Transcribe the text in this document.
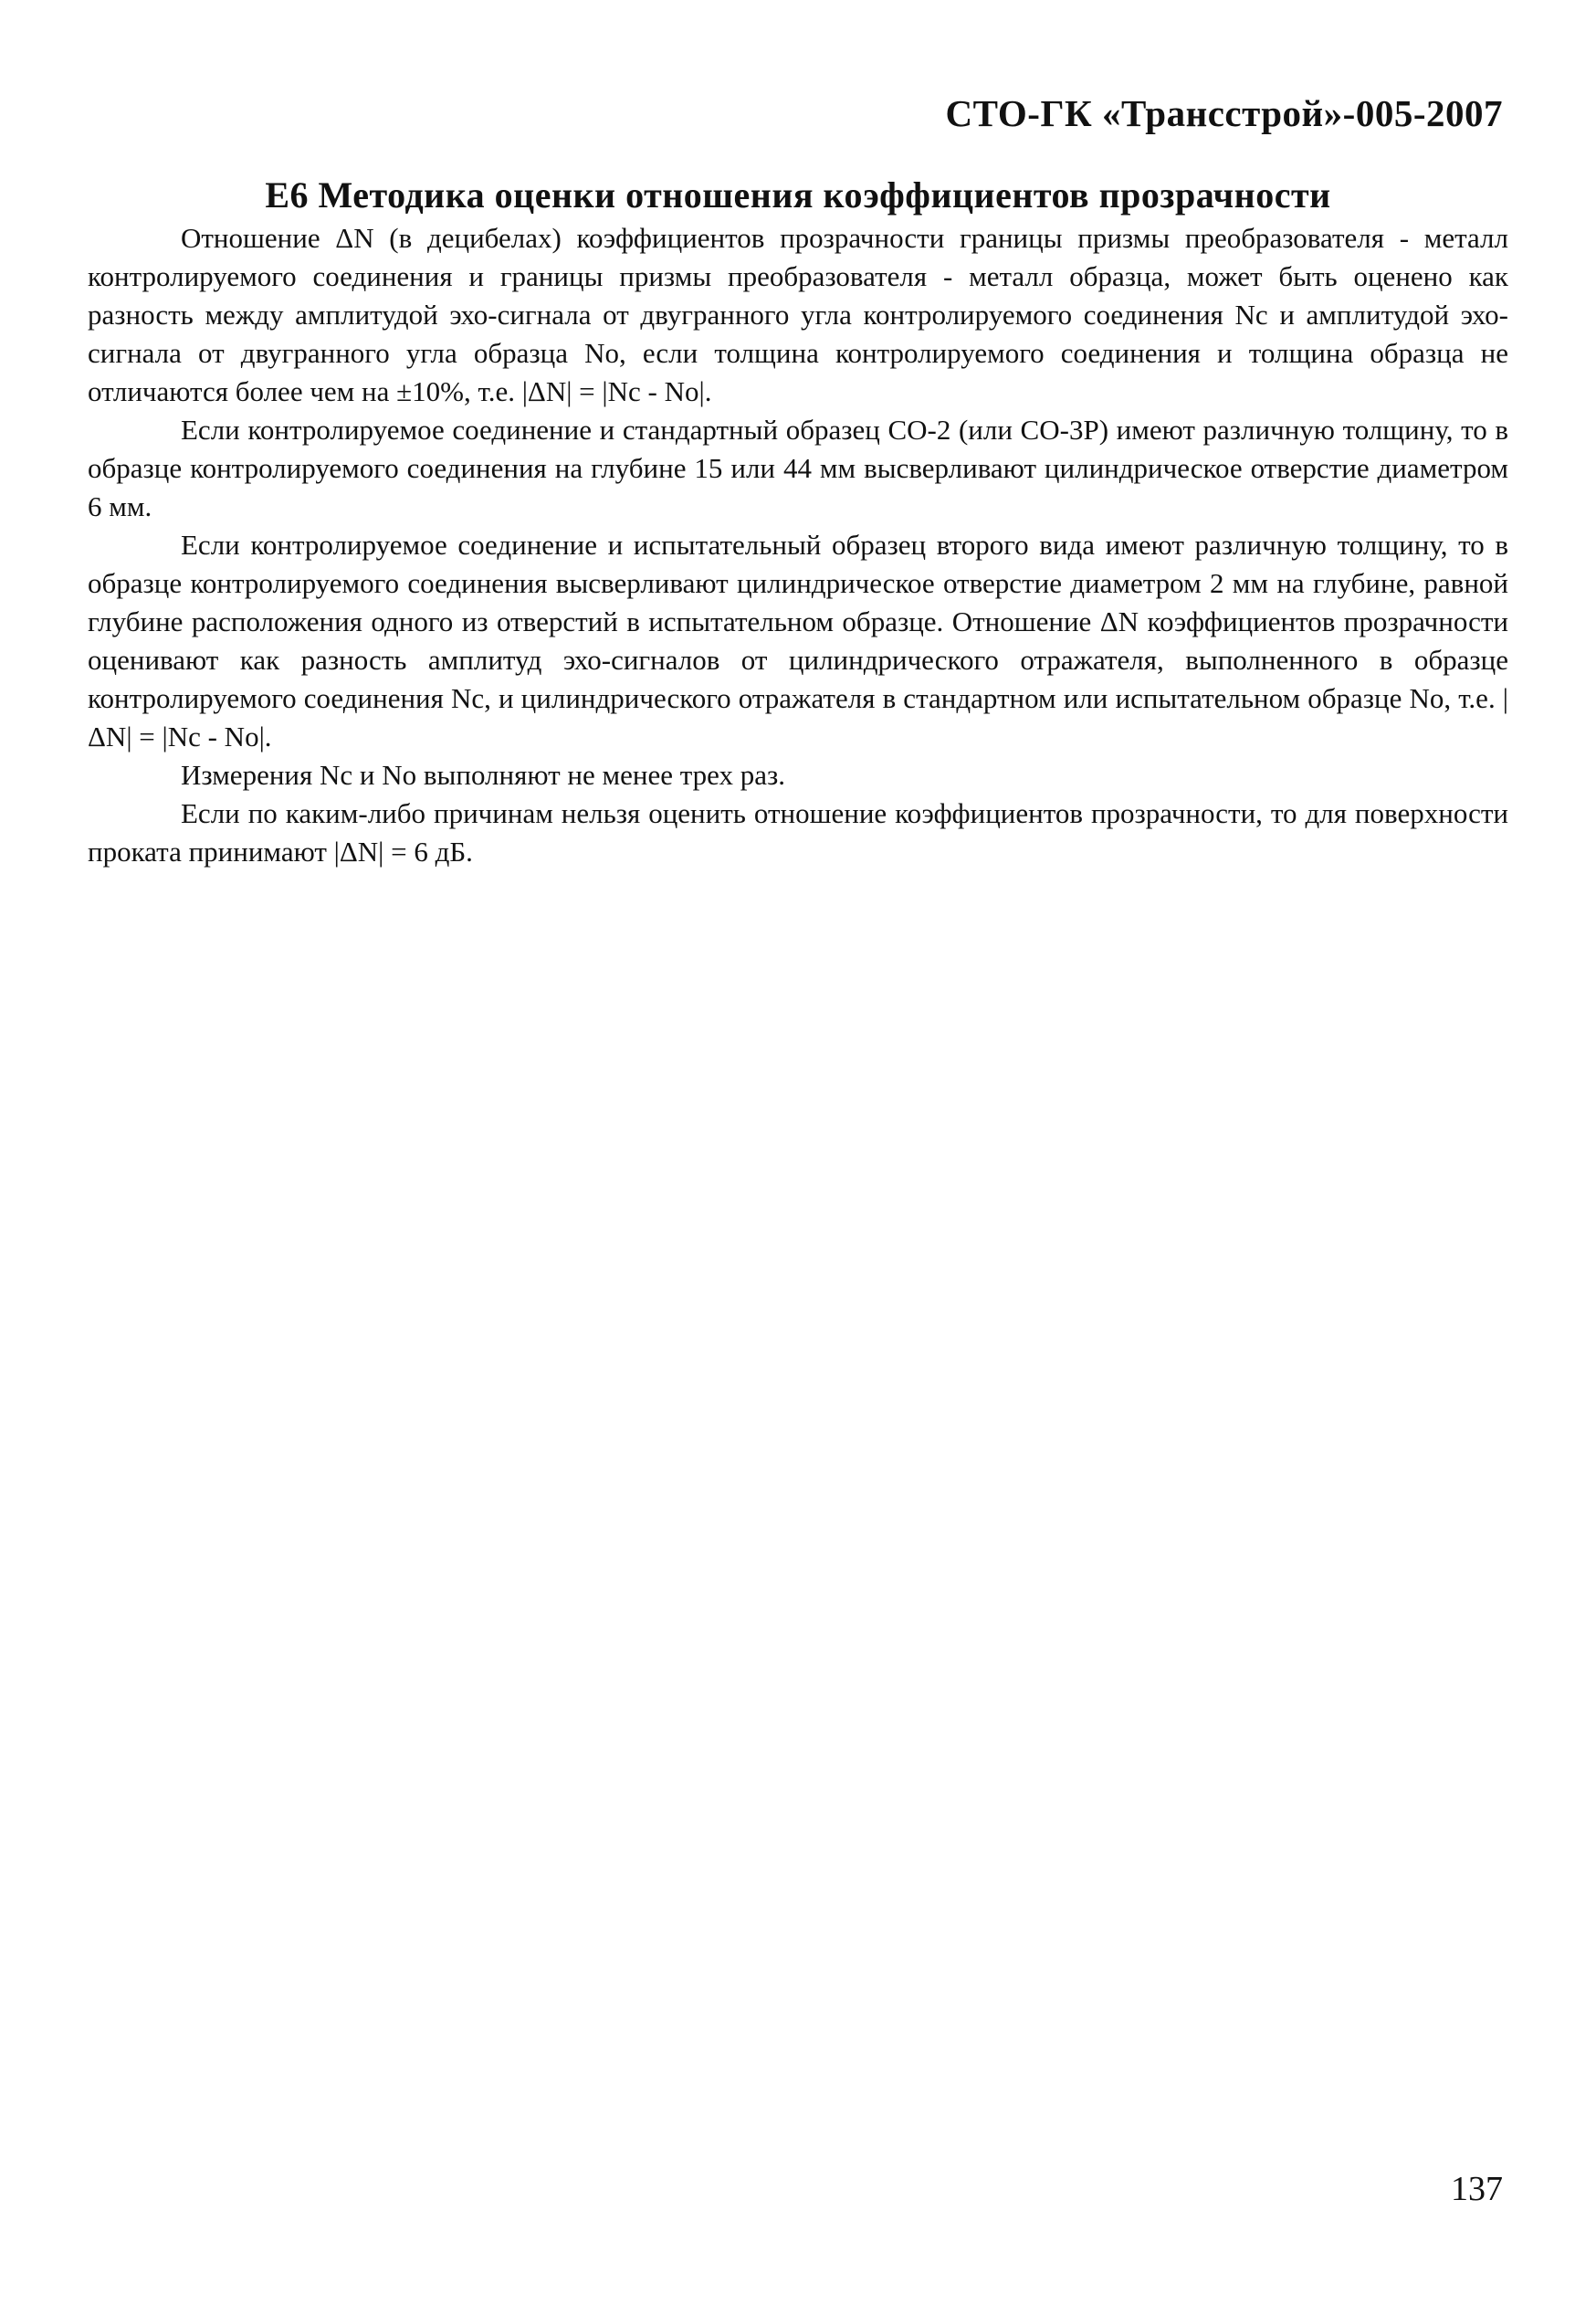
СТО-ГК «Трансстрой»-005-2007
Е6 Методика оценки отношения коэффициентов прозрачности

Отношение ΔN (в децибелах) коэффициентов прозрачности границы призмы преобразователя - металл контролируемого соединения и границы призмы преобразователя - металл образца, может быть оценено как разность между амплитудой эхо-сигнала от двугранного угла контролируемого соединения Nс и амплитудой эхо-сигнала от двугранного угла образца Nо, если толщина контролируемого соединения и толщина образца не отличаются более чем на ±10%, т.е. |ΔN| = |Nс - Nо|.

Если контролируемое соединение и стандартный образец СО-2 (или СО-3Р) имеют различную толщину, то в образце контролируемого соединения на глубине 15 или 44 мм высверливают цилиндрическое отверстие диаметром 6 мм.

Если контролируемое соединение и испытательный образец второго вида имеют различную толщину, то в образце контролируемого соединения высверливают цилиндрическое отверстие диаметром 2 мм на глубине, равной глубине расположения одного из отверстий в испытательном образце. Отношение ΔN коэффициентов прозрачности оценивают как разность амплитуд эхо-сигналов от цилиндрического отражателя, выполненного в образце контролируемого соединения Nс, и цилиндрического отражателя в стандартном или испытательном образце Nо, т.е. |ΔN| = |Nс - Nо|.

Измерения Nс и Nо выполняют не менее трех раз.

Если по каким-либо причинам нельзя оценить отношение коэффициентов прозрачности, то для поверхности проката принимают |ΔN| = 6 дБ.

137
